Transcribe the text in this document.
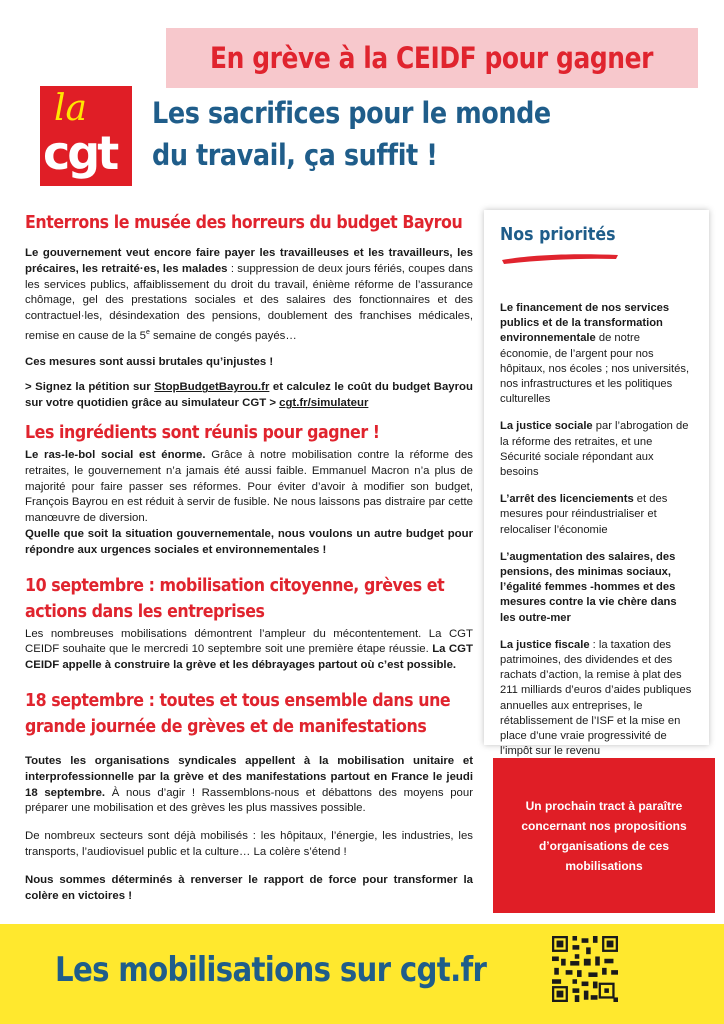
En grève à la CEIDF pour gagner
la
cgt
Les sacrifices pour le monde
du travail, ça suffit !
Enterrons le musée des horreurs du budget Bayrou

Le gouvernement veut encore faire payer les travailleuses et les travailleurs, les précaires, les retraité·es, les malades : suppression de deux jours fériés, coupes dans les services publics, affaiblissement du droit du travail, énième réforme de l’assurance chômage, gel des prestations sociales et des salaires des fonctionnaires et des contractuel·les, désindexation des pensions, doublement des franchises médicales, remise en cause de la 5e semaine de congés payés…

Ces mesures sont aussi brutales qu’injustes !

> Signez la pétition sur StopBudgetBayrou.fr et calculez le coût du budget Bayrou sur votre quotidien grâce au simulateur CGT > cgt.fr/simulateur

Les ingrédients sont réunis pour gagner !

Le ras-le-bol social est énorme. Grâce à notre mobilisation contre la réforme des retraites, le gouvernement n’a jamais été aussi faible. Emmanuel Macron n’a plus de majorité pour faire passer ses réformes. Pour éviter d’avoir à modifier son budget, François Bayrou en est réduit à servir de fusible. Ne nous laissons pas distraire par cette manœuvre de diversion.

Quelle que soit la situation gouvernementale, nous voulons un autre budget pour répondre aux urgences sociales et environnementales !

10 septembre : mobilisation citoyenne, grèves et actions dans les entreprises

Les nombreuses mobilisations démontrent l’ampleur du mécontentement. La CGT CEIDF souhaite que le mercredi 10 septembre soit une première étape réussie. La CGT CEIDF appelle à construire la grève et les débrayages partout où c’est possible.

18 septembre : toutes et tous ensemble dans une grande journée de grèves et de manifestations

Toutes les organisations syndicales appellent à la mobilisation unitaire et interprofessionnelle par la grève et des manifestations partout en France le jeudi 18 septembre. À nous d’agir ! Rassemblons-nous et débattons des moyens pour préparer une mobilisation et des grèves les plus massives possible.

De nombreux secteurs sont déjà mobilisés : les hôpitaux, l’énergie, les industries, les transports, l’audiovisuel public et la culture… La colère s’étend !

Nous sommes déterminés à renverser le rapport de force pour transformer la colère en victoires !

Nos priorités
Le financement de nos services publics et de la transformation environnementale de notre économie, de l’argent pour nos hôpitaux, nos écoles ; nos universités, nos infrastructures et les politiques culturelles
La justice sociale par l’abrogation de la réforme des retraites, et une Sécurité sociale répondant aux besoins
L’arrêt des licenciements et des mesures pour réindustrialiser et relocaliser l’économie
L’augmentation des salaires, des pensions, des minimas sociaux, l’égalité femmes -hommes et des mesures contre la vie chère dans les outre-mer
La justice fiscale : la taxation des patrimoines, des dividendes et des rachats d’action, la remise à plat des 211 milliards d’euros d’aides publiques annuelles aux entreprises, le rétablissement de l’ISF et la mise en place d’une vraie progressivité de l’impôt sur le revenu
Un prochain tract à paraître concernant nos propositions d’organisations de ces mobilisations
Les mobilisations sur cgt.fr
